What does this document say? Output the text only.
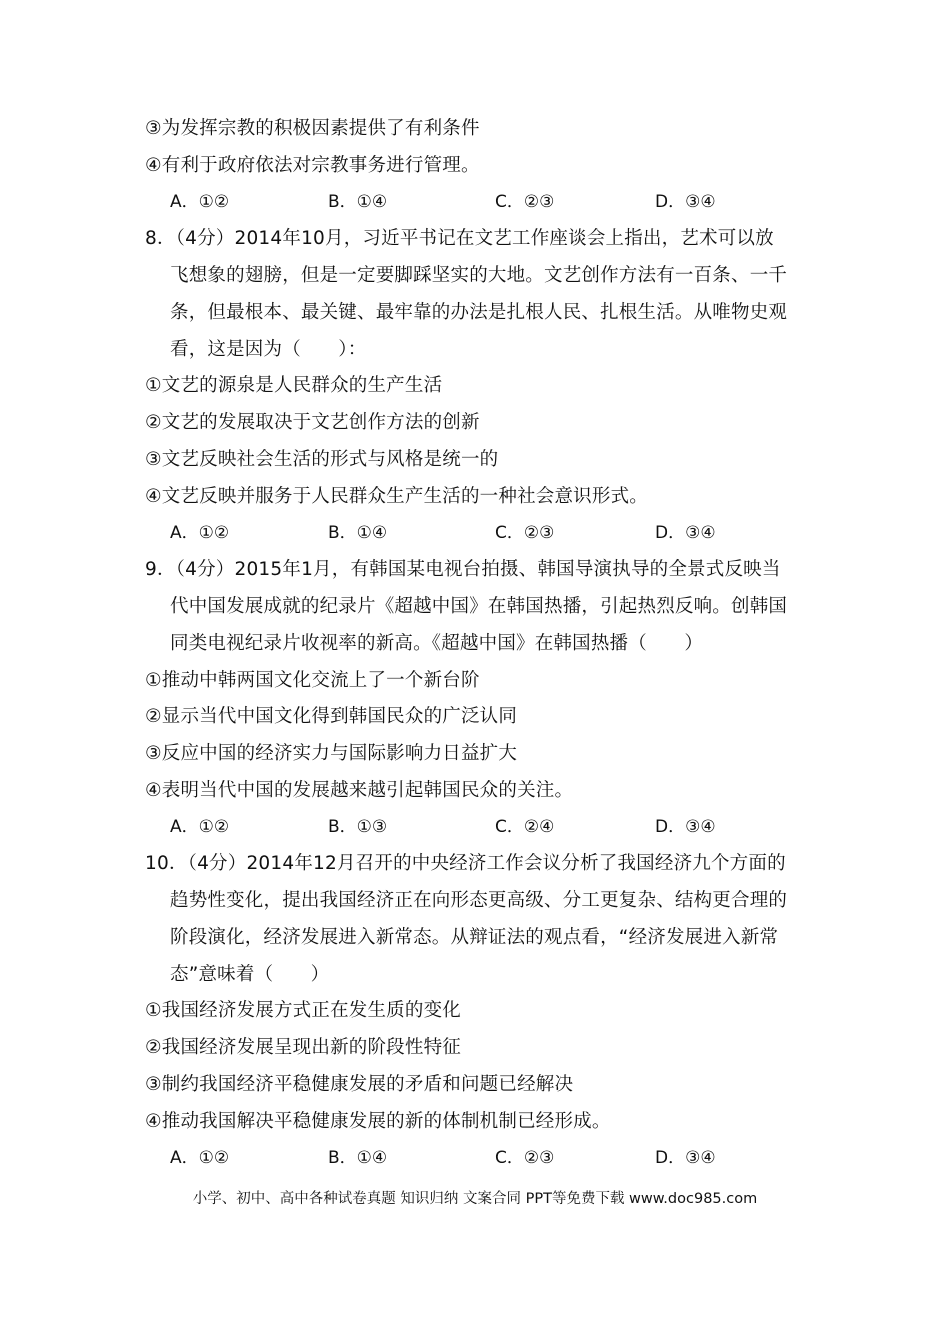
③为发挥宗教的积极因素提供了有利条件
④有利于政府依法对宗教事务进行管理。
A．①②	B．①④	C．②③	D．③④
8．（4分）2014年10月，习近平书记在文艺工作座谈会上指出，艺术可以放
飞想象的翅膀，但是一定要脚踩坚实的大地。文艺创作方法有一百条、一千
条，但最根本、最关键、最牢靠的办法是扎根人民、扎根生活。从唯物史观
看，这是因为（　　）：
①文艺的源泉是人民群众的生产生活
②文艺的发展取决于文艺创作方法的创新
③文艺反映社会生活的形式与风格是统一的
④文艺反映并服务于人民群众生产生活的一种社会意识形式。
A．①②	B．①④	C．②③	D．③④
9．（4分）2015年1月，有韩国某电视台拍摄、韩国导演执导的全景式反映当
代中国发展成就的纪录片《超越中国》在韩国热播，引起热烈反响。创韩国
同类电视纪录片收视率的新高。《超越中国》在韩国热播（　　）
①推动中韩两国文化交流上了一个新台阶
②显示当代中国文化得到韩国民众的广泛认同
③反应中国的经济实力与国际影响力日益扩大
④表明当代中国的发展越来越引起韩国民众的关注。
A．①②	B．①③	C．②④	D．③④
10．（4分）2014年12月召开的中央经济工作会议分析了我国经济九个方面的
趋势性变化，提出我国经济正在向形态更高级、分工更复杂、结构更合理的
阶段演化，经济发展进入新常态。从辩证法的观点看，“经济发展进入新常
态”意味着（　　）
①我国经济发展方式正在发生质的变化
②我国经济发展呈现出新的阶段性特征
③制约我国经济平稳健康发展的矛盾和问题已经解决
④推动我国解决平稳健康发展的新的体制机制已经形成。
A．①②	B．①④	C．②③	D．③④
小学、初中、高中各种试卷真题 知识归纳 文案合同 PPT等免费下载 www.doc985.com
